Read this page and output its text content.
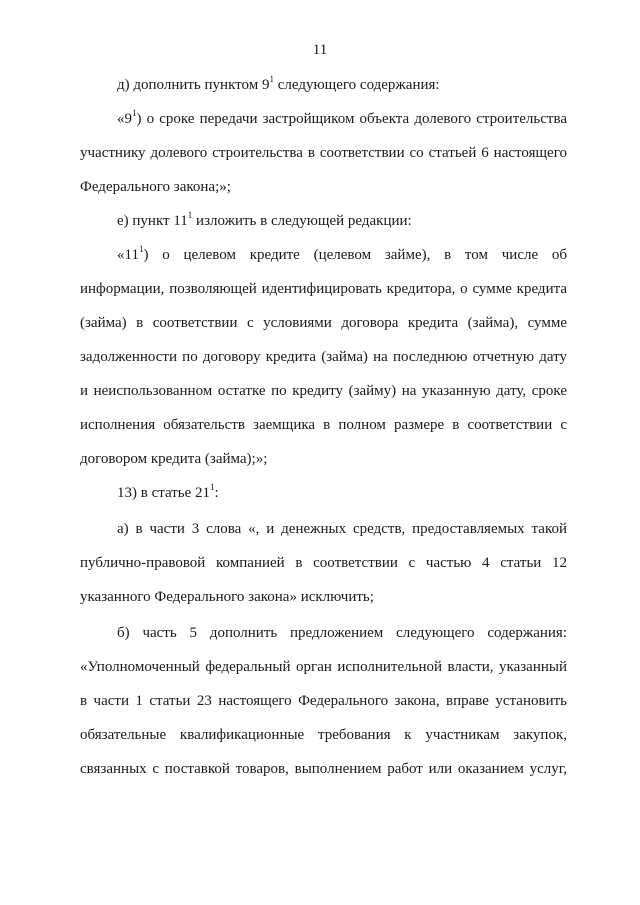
11
д) дополнить пунктом $9^1$ следующего содержания:
«$9^1$) о сроке передачи застройщиком объекта долевого строительства
участнику долевого строительства в соответствии со статьей 6 настоящего
Федерального закона;»;
е) пункт $11^1$ изложить в следующей редакции:
«$11^1$) о целевом кредите (целевом займе), в том числе об
информации, позволяющей идентифицировать кредитора, о сумме кредита
(займа) в соответствии с условиями договора кредита (займа), сумме
задолженности по договору кредита (займа) на последнюю отчетную дату
и неиспользованном остатке по кредиту (займу) на указанную дату, сроке
исполнения обязательств заемщика в полном размере в соответствии с
договором кредита (займа);»;
13) в статье $21^1$:
а) в части 3 слова «, и денежных средств, предоставляемых такой
публично-правовой компанией в соответствии с частью 4 статьи 12
указанного Федерального закона» исключить;
б) часть 5 дополнить предложением следующего содержания:
«Уполномоченный федеральный орган исполнительной власти, указанный
в части 1 статьи 23 настоящего Федерального закона, вправе установить
обязательные квалификационные требования к участникам закупок,
связанных с поставкой товаров, выполнением работ или оказанием услуг,
